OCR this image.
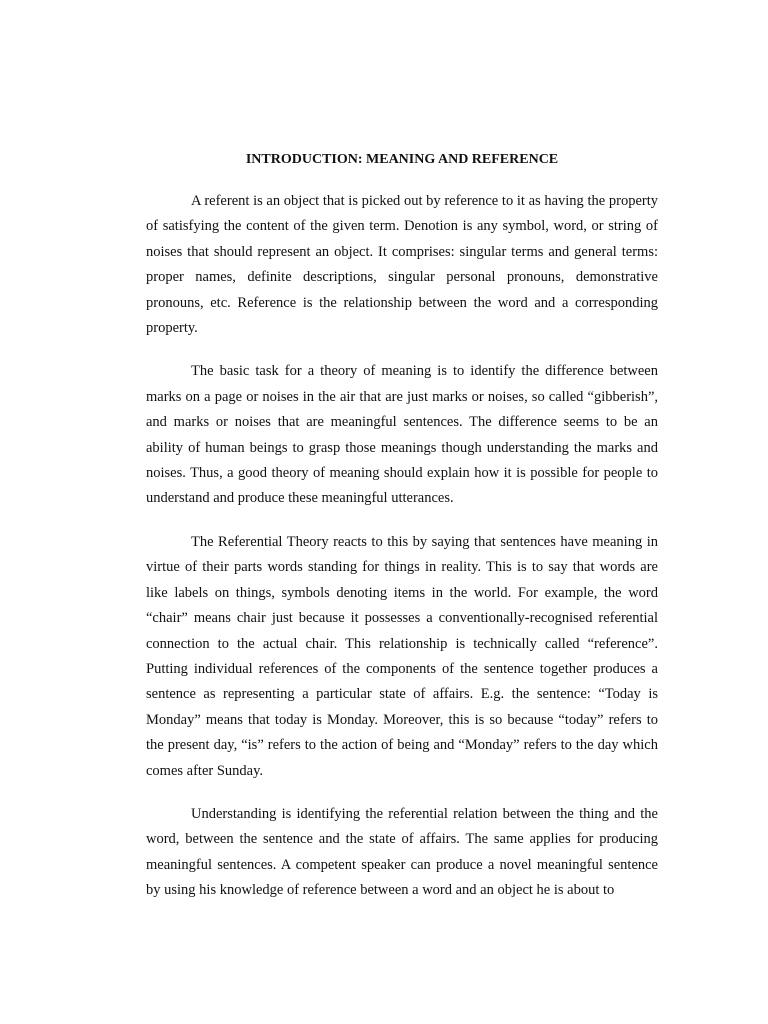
INTRODUCTION: MEANING AND REFERENCE

A referent is an object that is picked out by reference to it as having the property of satisfying the content of the given term. Denotion is any symbol, word, or string of noises that should represent an object. It comprises: singular terms and general terms: proper names, definite descriptions, singular personal pronouns, demonstrative pronouns, etc. Reference is the relationship between the word and a corresponding property.

The basic task for a theory of meaning is to identify the difference between marks on a page or noises in the air that are just marks or noises, so called “gibberish”, and marks or noises that are meaningful sentences. The difference seems to be an ability of human beings to grasp those meanings though understanding the marks and noises. Thus, a good theory of meaning should explain how it is possible for people to understand and produce these meaningful utterances.

The Referential Theory reacts to this by saying that sentences have meaning in virtue of their parts words standing for things in reality. This is to say that words are like labels on things, symbols denoting items in the world. For example, the word “chair” means chair just because it possesses a conventionally-recognised referential connection to the actual chair. This relationship is technically called “reference”. Putting individual references of the components of the sentence together produces a sentence as representing a particular state of affairs. E.g. the sentence: “Today is Monday” means that today is Monday. Moreover, this is so because “today” refers to the present day, “is” refers to the action of being and “Monday” refers to the day which comes after Sunday.

Understanding is identifying the referential relation between the thing and the word, between the sentence and the state of affairs. The same applies for producing meaningful sentences. A competent speaker can produce a novel meaningful sentence by using his knowledge of reference between a word and an object he is about to
